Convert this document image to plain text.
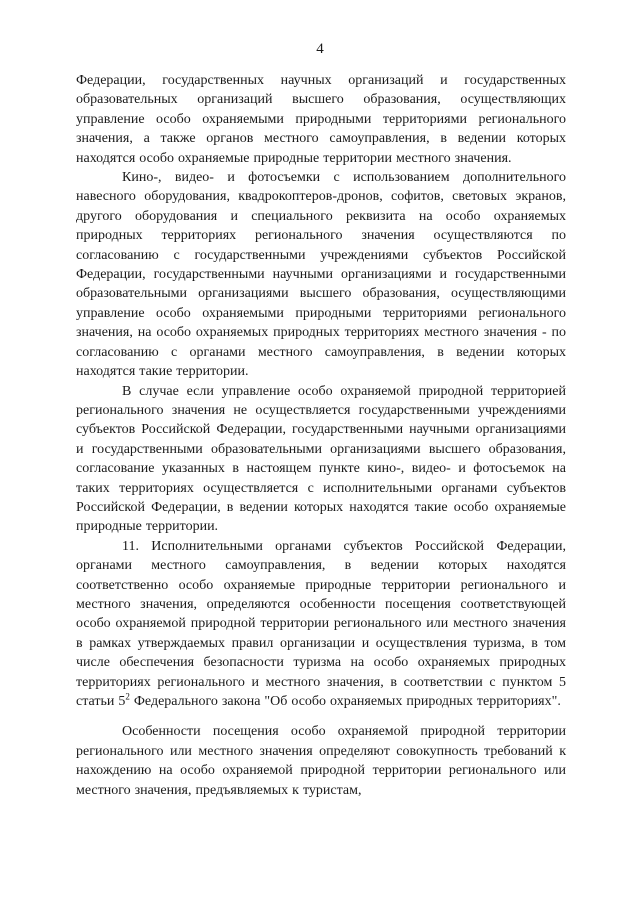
4

Федерации, государственных научных организаций и государственных образовательных организаций высшего образования, осуществляющих управление особо охраняемыми природными территориями регионального значения, а также органов местного самоуправления, в ведении которых находятся особо охраняемые природные территории местного значения.

Кино-, видео- и фотосъемки с использованием дополнительного навесного оборудования, квадрокоптеров-дронов, софитов, световых экранов, другого оборудования и специального реквизита на особо охраняемых природных территориях регионального значения осуществляются по согласованию с государственными учреждениями субъектов Российской Федерации, государственными научными организациями и государственными образовательными организациями высшего образования, осуществляющими управление особо охраняемыми природными территориями регионального значения, на особо охраняемых природных территориях местного значения - по согласованию с органами местного самоуправления, в ведении которых находятся такие территории.

В случае если управление особо охраняемой природной территорией регионального значения не осуществляется государственными учреждениями субъектов Российской Федерации, государственными научными организациями и государственными образовательными организациями высшего образования, согласование указанных в настоящем пункте кино-, видео- и фотосъемок на таких территориях осуществляется с исполнительными органами субъектов Российской Федерации, в ведении которых находятся такие особо охраняемые природные территории.

11. Исполнительными органами субъектов Российской Федерации, органами местного самоуправления, в ведении которых находятся соответственно особо охраняемые природные территории регионального и местного значения, определяются особенности посещения соответствующей особо охраняемой природной территории регионального или местного значения в рамках утверждаемых правил организации и осуществления туризма, в том числе обеспечения безопасности туризма на особо охраняемых природных территориях регионального и местного значения, в соответствии с пунктом 5 статьи $5^2$ Федерального закона "Об особо охраняемых природных территориях".

Особенности посещения особо охраняемой природной территории регионального или местного значения определяют совокупность требований к нахождению на особо охраняемой природной территории регионального или местного значения, предъявляемых к туристам,
